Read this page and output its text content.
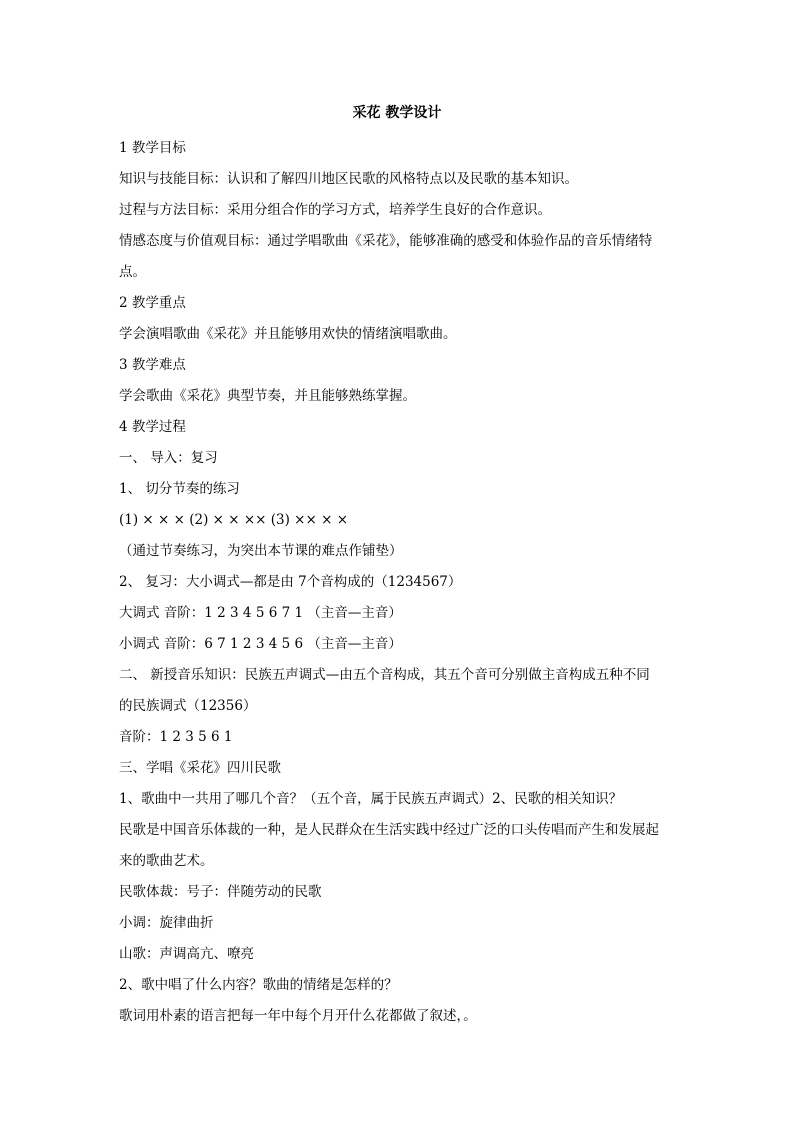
采花 教学设计
1 教学目标
知识与技能目标：认识和了解四川地区民歌的风格特点以及民歌的基本知识。
过程与方法目标：采用分组合作的学习方式，培养学生良好的合作意识。
情感态度与价值观目标：通过学唱歌曲《采花》，能够准确的感受和体验作品的音乐情绪特
点。
2 教学重点
学会演唱歌曲《采花》并且能够用欢快的情绪演唱歌曲。
3 教学难点
学会歌曲《采花》典型节奏，并且能够熟练掌握。
4 教学过程
一、 导入：复习
1、 切分节奏的练习
(1) × × × (2) × × ×× (3) ×× × ×
（通过节奏练习，为突出本节课的难点作铺垫）
2、 复习：大小调式—都是由 7个音构成的（1234567）
大调式 音阶：1 2 3 4 5 6 7 1 （主音—主音）
小调式 音阶：6 7 1 2 3 4 5 6 （主音—主音）
二、 新授音乐知识：民族五声调式—由五个音构成，其五个音可分别做主音构成五种不同
的民族调式（12356）
音阶：1 2 3 5 6 1
三、学唱《采花》四川民歌
1、歌曲中一共用了哪几个音？（五个音，属于民族五声调式）2、民歌的相关知识？
民歌是中国音乐体裁的一种，是人民群众在生活实践中经过广泛的口头传唱而产生和发展起
来的歌曲艺术。
民歌体裁：号子：伴随劳动的民歌
小调：旋律曲折
山歌：声调高亢、嘹亮
2、歌中唱了什么内容？歌曲的情绪是怎样的？
歌词用朴素的语言把每一年中每个月开什么花都做了叙述，。
